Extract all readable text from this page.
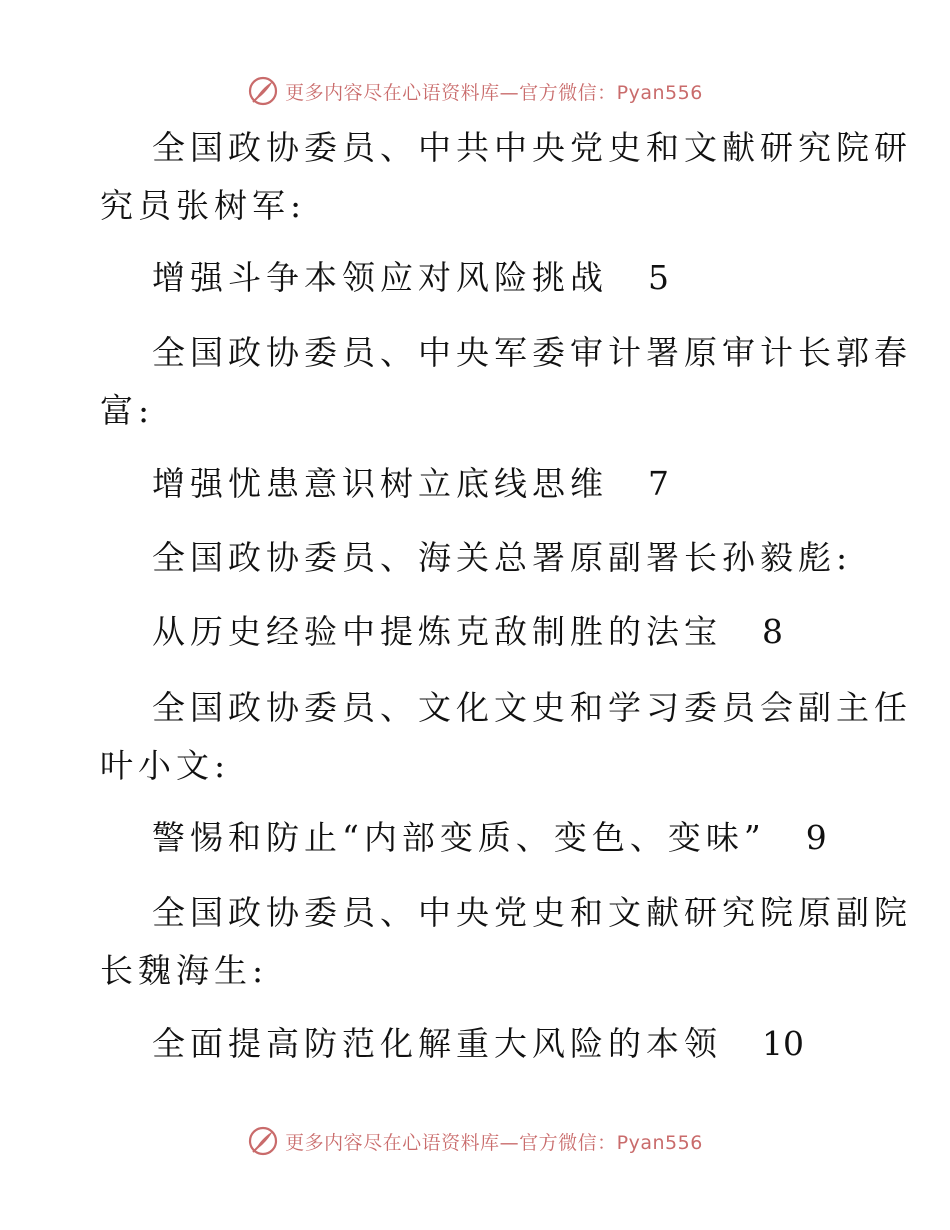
更多内容尽在心语资料库—官方微信：Pyan556
全国政协委员、中共中央党史和文献研究院研
究员张树军:
增强斗争本领应对风险挑战 5
全国政协委员、中央军委审计署原审计长郭春
富:
增强忧患意识树立底线思维 7
全国政协委员、海关总署原副署长孙毅彪:
从历史经验中提炼克敌制胜的法宝 8
全国政协委员、文化文史和学习委员会副主任
叶小文:
警惕和防止“内部变质、变色、变味” 9
全国政协委员、中央党史和文献研究院原副院
长魏海生:
全面提高防范化解重大风险的本领 10
更多内容尽在心语资料库—官方微信：Pyan556
